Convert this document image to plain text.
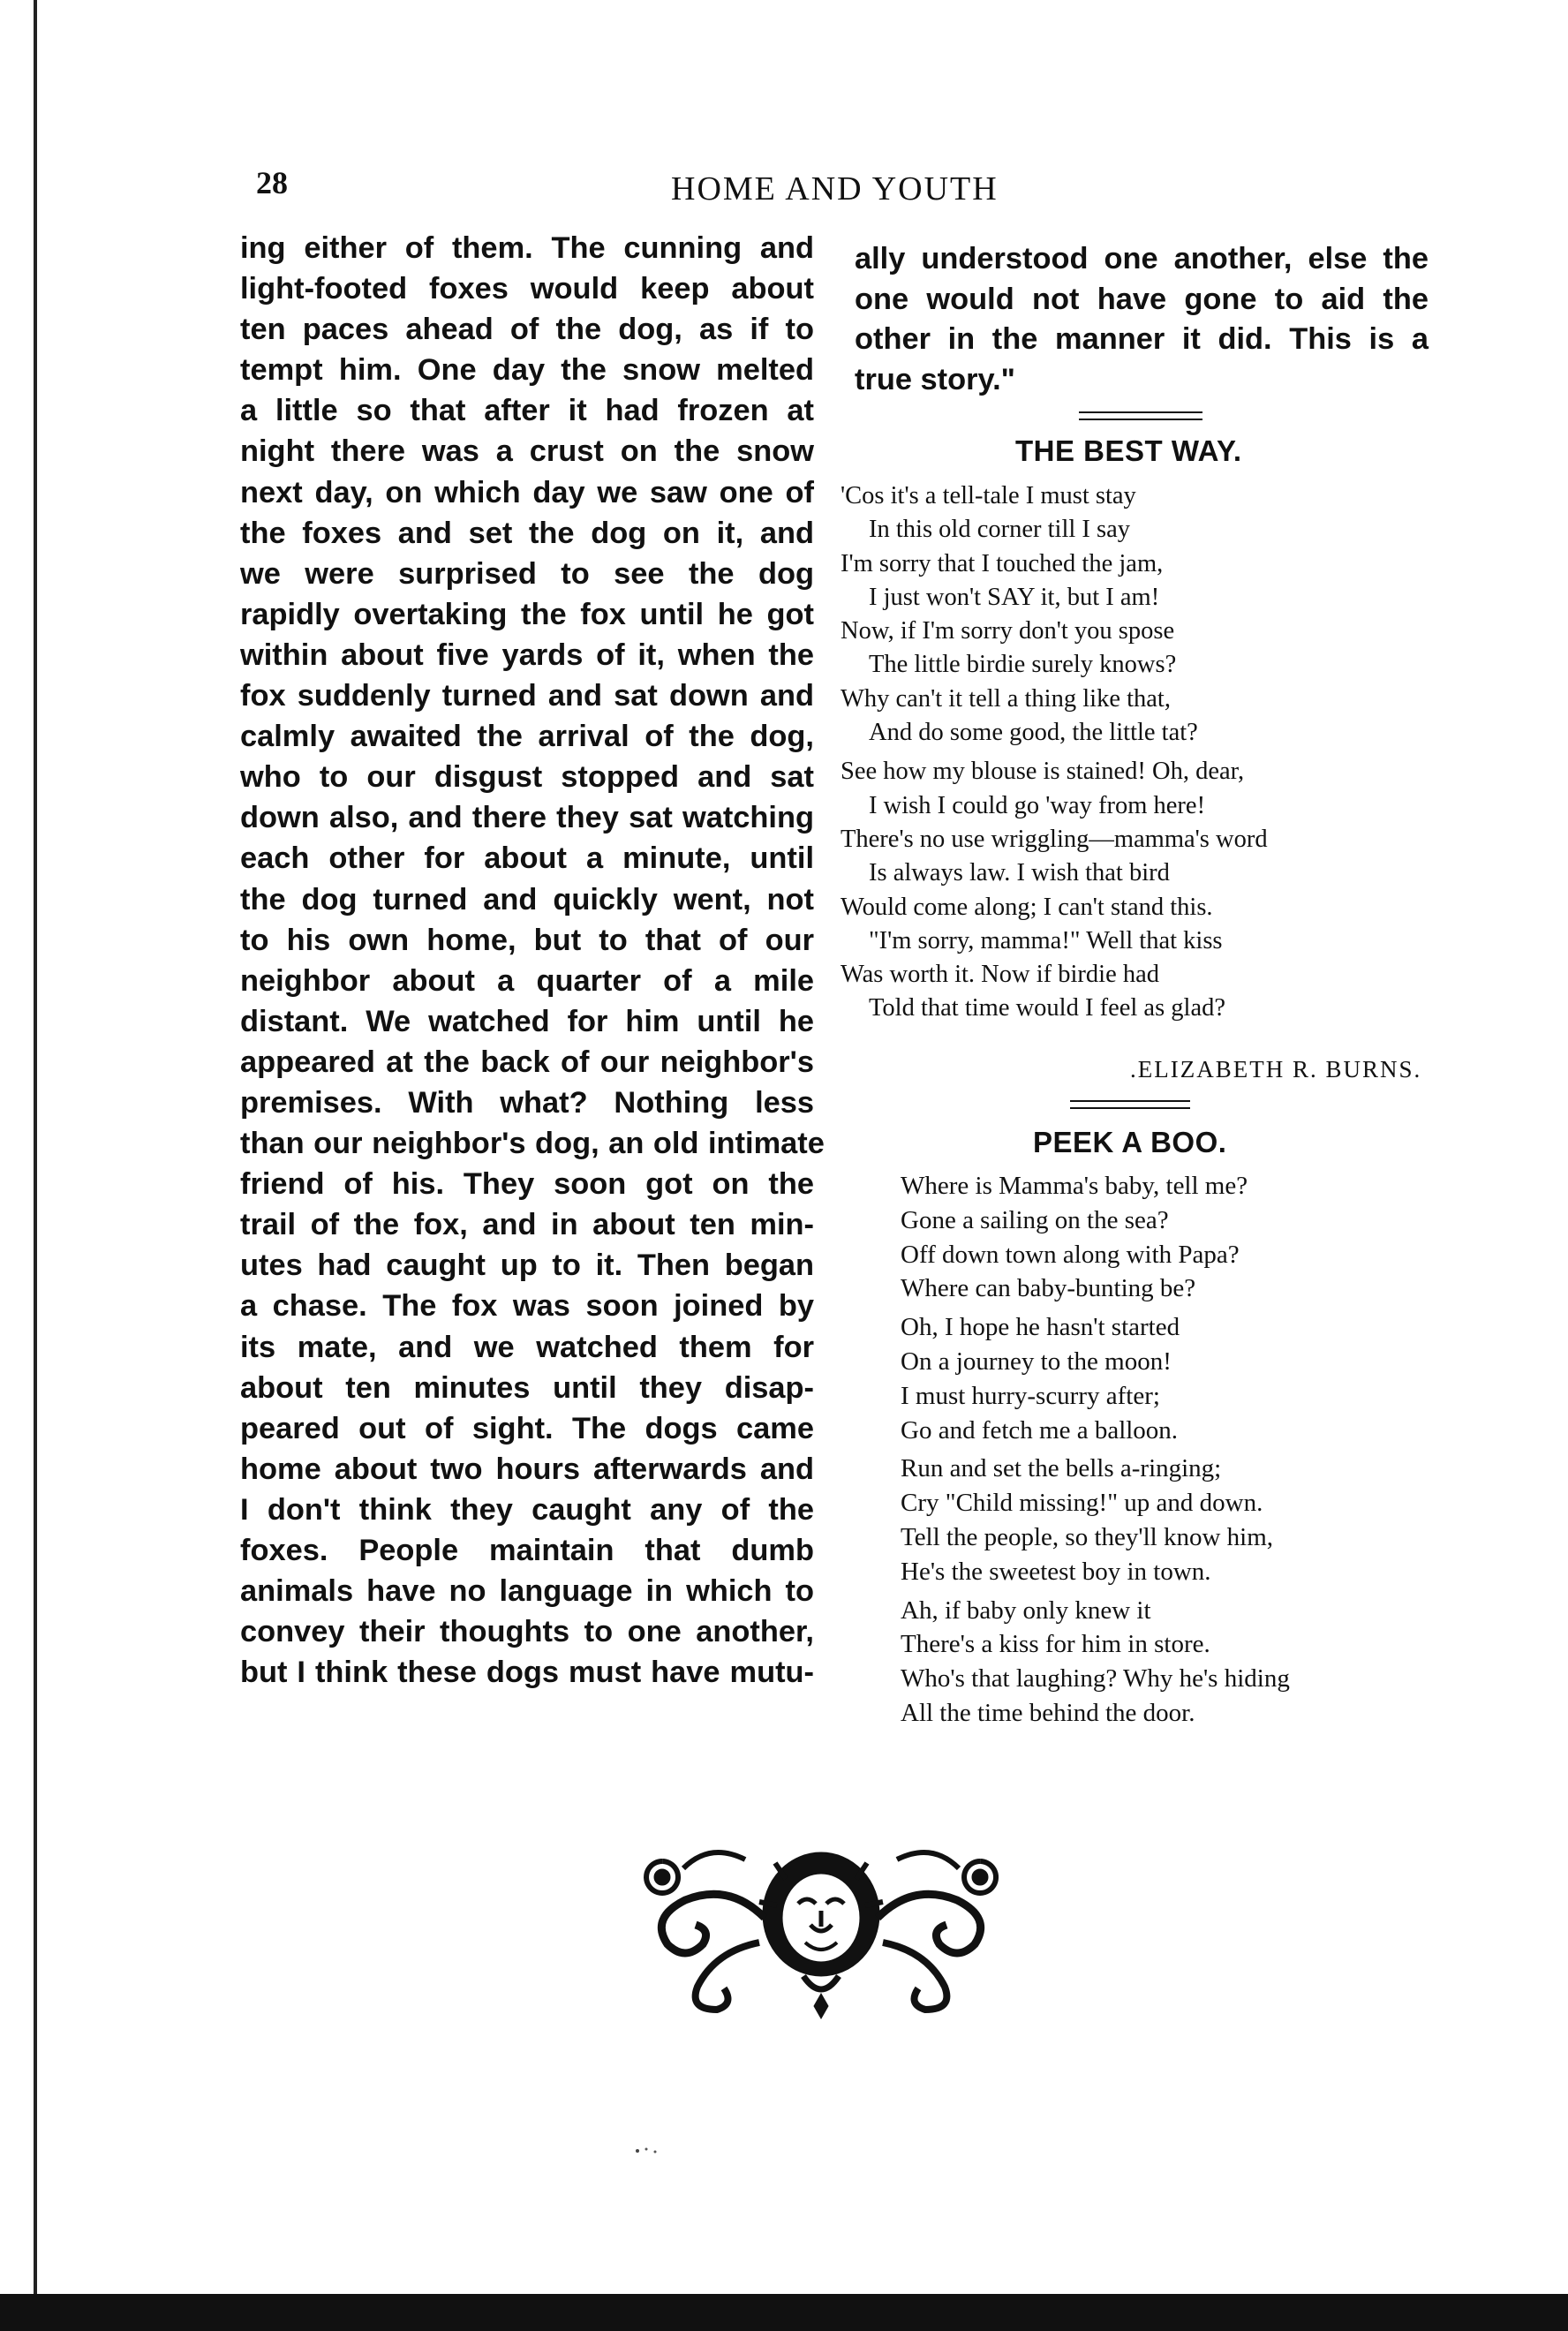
28	HOME AND YOUTH
ing either of them. The cunning and
light-footed foxes would keep about
ten paces ahead of the dog, as if to
tempt him. One day the snow melted
a little so that after it had frozen at
night there was a crust on the snow
next day, on which day we saw one of
the foxes and set the dog on it, and
we were surprised to see the dog
rapidly overtaking the fox until he got
within about five yards of it, when the
fox suddenly turned and sat down and
calmly awaited the arrival of the dog,
who to our disgust stopped and sat
down also, and there they sat watching
each other for about a minute, until
the dog turned and quickly went, not
to his own home, but to that of our
neighbor about a quarter of a mile
distant. We watched for him until he
appeared at the back of our neighbor's
premises. With what? Nothing less
than our neighbor's dog, an old intimate
friend of his. They soon got on the
trail of the fox, and in about ten min-
utes had caught up to it. Then began
a chase. The fox was soon joined by
its mate, and we watched them for
about ten minutes until they disap-
peared out of sight. The dogs came
home about two hours afterwards and
I don't think they caught any of the
foxes. People maintain that dumb
animals have no language in which to
convey their thoughts to one another,
but I think these dogs must have mutu-
ally understood one another, else the
one would not have gone to aid the
other in the manner it did. This is a
true story."
THE BEST WAY.
'Cos it's a tell-tale I must stay
In this old corner till I say
I'm sorry that I touched the jam,
I just won't SAY it, but I am!
Now, if I'm sorry don't you spose
The little birdie surely knows?
Why can't it tell a thing like that,
And do some good, the little tat?
See how my blouse is stained! Oh, dear,
I wish I could go 'way from here!
There's no use wriggling—mamma's word
Is always law. I wish that bird
Would come along; I can't stand this.
"I'm sorry, mamma!" Well that kiss
Was worth it. Now if birdie had
Told that time would I feel as glad?
.ELIZABETH R. BURNS.
PEEK A BOO.
Where is Mamma's baby, tell me?
Gone a sailing on the sea?
Off down town along with Papa?
Where can baby-bunting be?
Oh, I hope he hasn't started
On a journey to the moon!
I must hurry-scurry after;
Go and fetch me a balloon.
Run and set the bells a-ringing;
Cry "Child missing!" up and down.
Tell the people, so they'll know him,
He's the sweetest boy in town.
Ah, if baby only knew it
There's a kiss for him in store.
Who's that laughing? Why he's hiding
All the time behind the door.
